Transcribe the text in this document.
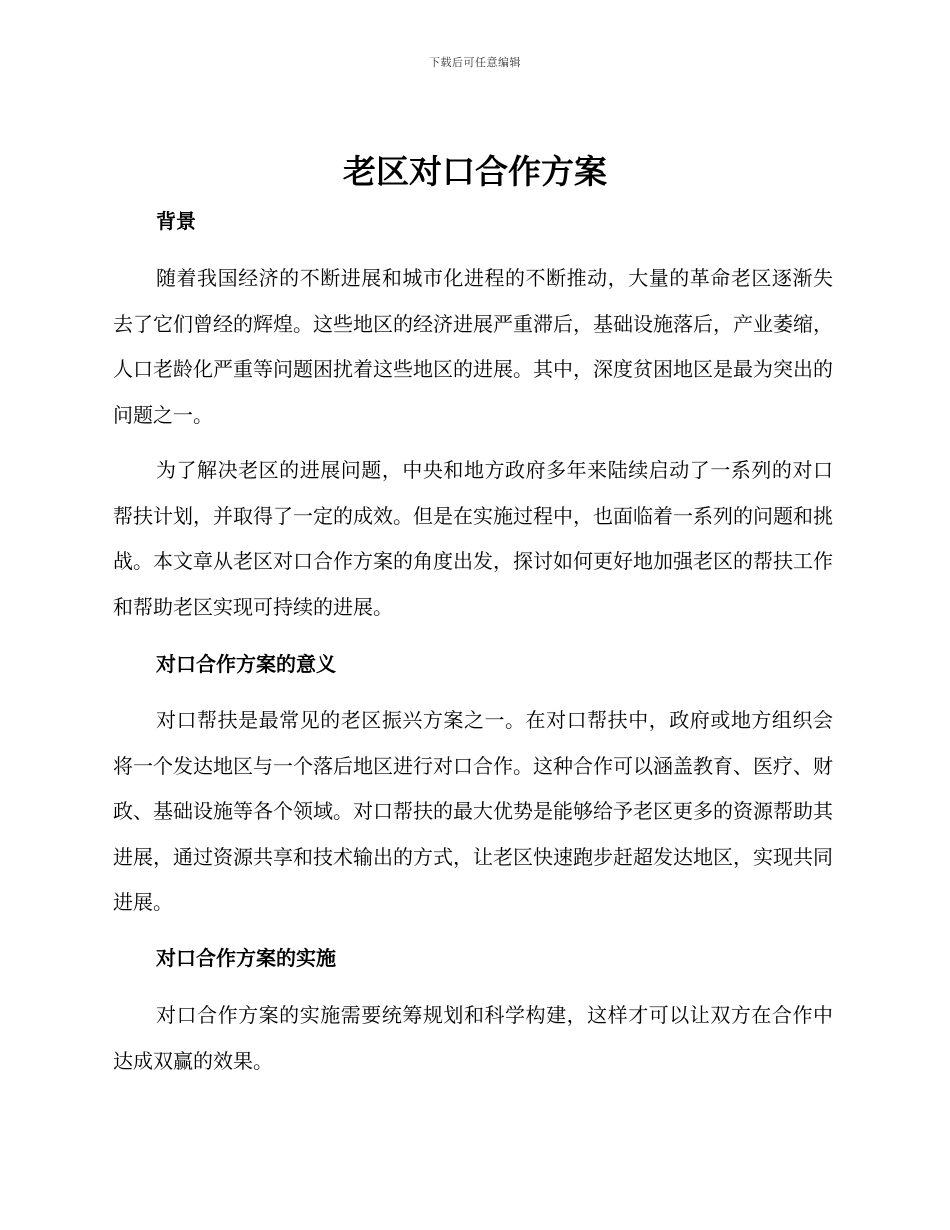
下载后可任意编辑
老区对口合作方案
背景

随着我国经济的不断进展和城市化进程的不断推动，大量的革命老区逐渐失去了它们曾经的辉煌。这些地区的经济进展严重滞后，基础设施落后，产业萎缩，人口老龄化严重等问题困扰着这些地区的进展。其中，深度贫困地区是最为突出的问题之一。

为了解决老区的进展问题，中央和地方政府多年来陆续启动了一系列的对口帮扶计划，并取得了一定的成效。但是在实施过程中，也面临着一系列的问题和挑战。本文章从老区对口合作方案的角度出发，探讨如何更好地加强老区的帮扶工作和帮助老区实现可持续的进展。

对口合作方案的意义

对口帮扶是最常见的老区振兴方案之一。在对口帮扶中，政府或地方组织会将一个发达地区与一个落后地区进行对口合作。这种合作可以涵盖教育、医疗、财政、基础设施等各个领域。对口帮扶的最大优势是能够给予老区更多的资源帮助其进展，通过资源共享和技术输出的方式，让老区快速跑步赶超发达地区，实现共同进展。

对口合作方案的实施

对口合作方案的实施需要统筹规划和科学构建，这样才可以让双方在合作中达成双赢的效果。
